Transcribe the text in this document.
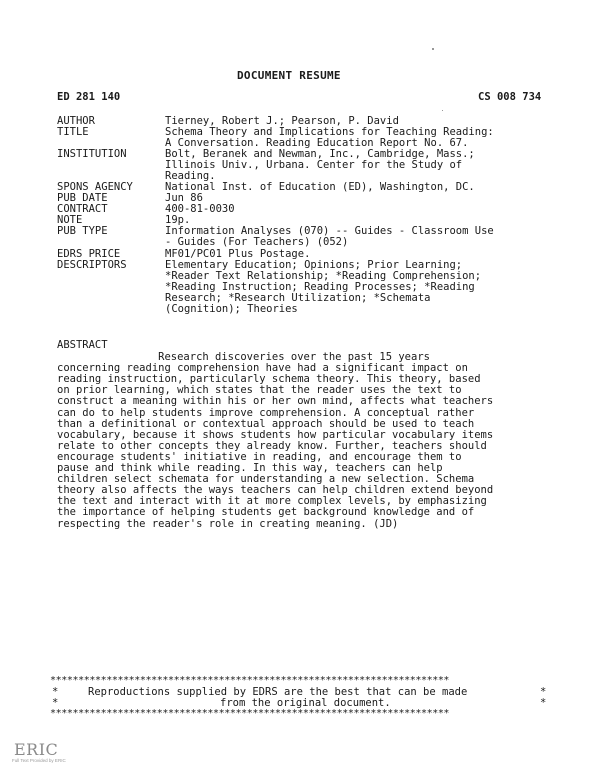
DOCUMENT RESUME
ED 281 140	CS 008 734
AUTHOR	Tierney, Robert J.; Pearson, P. David
TITLE	Schema Theory and Implications for Teaching Reading:
A Conversation. Reading Education Report No. 67.
INSTITUTION	Bolt, Beranek and Newman, Inc., Cambridge, Mass.;
Illinois Univ., Urbana. Center for the Study of
Reading.
SPONS AGENCY	National Inst. of Education (ED), Washington, DC.
PUB DATE	Jun 86
CONTRACT	400-81-0030
NOTE	19p.
PUB TYPE	Information Analyses (070) -- Guides - Classroom Use
- Guides (For Teachers) (052)
EDRS PRICE	MF01/PC01 Plus Postage.
DESCRIPTORS	Elementary Education; Opinions; Prior Learning;
*Reader Text Relationship; *Reading Comprehension;
*Reading Instruction; Reading Processes; *Reading
Research; *Research Utilization; *Schemata
(Cognition); Theories
ABSTRACT
Research discoveries over the past 15 years
concerning reading comprehension have had a significant impact on
reading instruction, particularly schema theory. This theory, based
on prior learning, which states that the reader uses the text to
construct a meaning within his or her own mind, affects what teachers
can do to help students improve comprehension. A conceptual rather
than a definitional or contextual approach should be used to teach
vocabulary, because it shows students how particular vocabulary items
relate to other concepts they already know. Further, teachers should
encourage students' initiative in reading, and encourage them to
pause and think while reading. In this way, teachers can help
children select schemata for understanding a new selection. Schema
theory also affects the ways teachers can help children extend beyond
the text and interact with it at more complex levels, by emphasizing
the importance of helping students get background knowledge and of
respecting the reader's role in creating meaning. (JD)
***********************************************************************
*	Reproductions supplied by EDRS are the best that can be made	*
*	from the original document.	*
***********************************************************************
ERIC
Full Text Provided by ERIC
